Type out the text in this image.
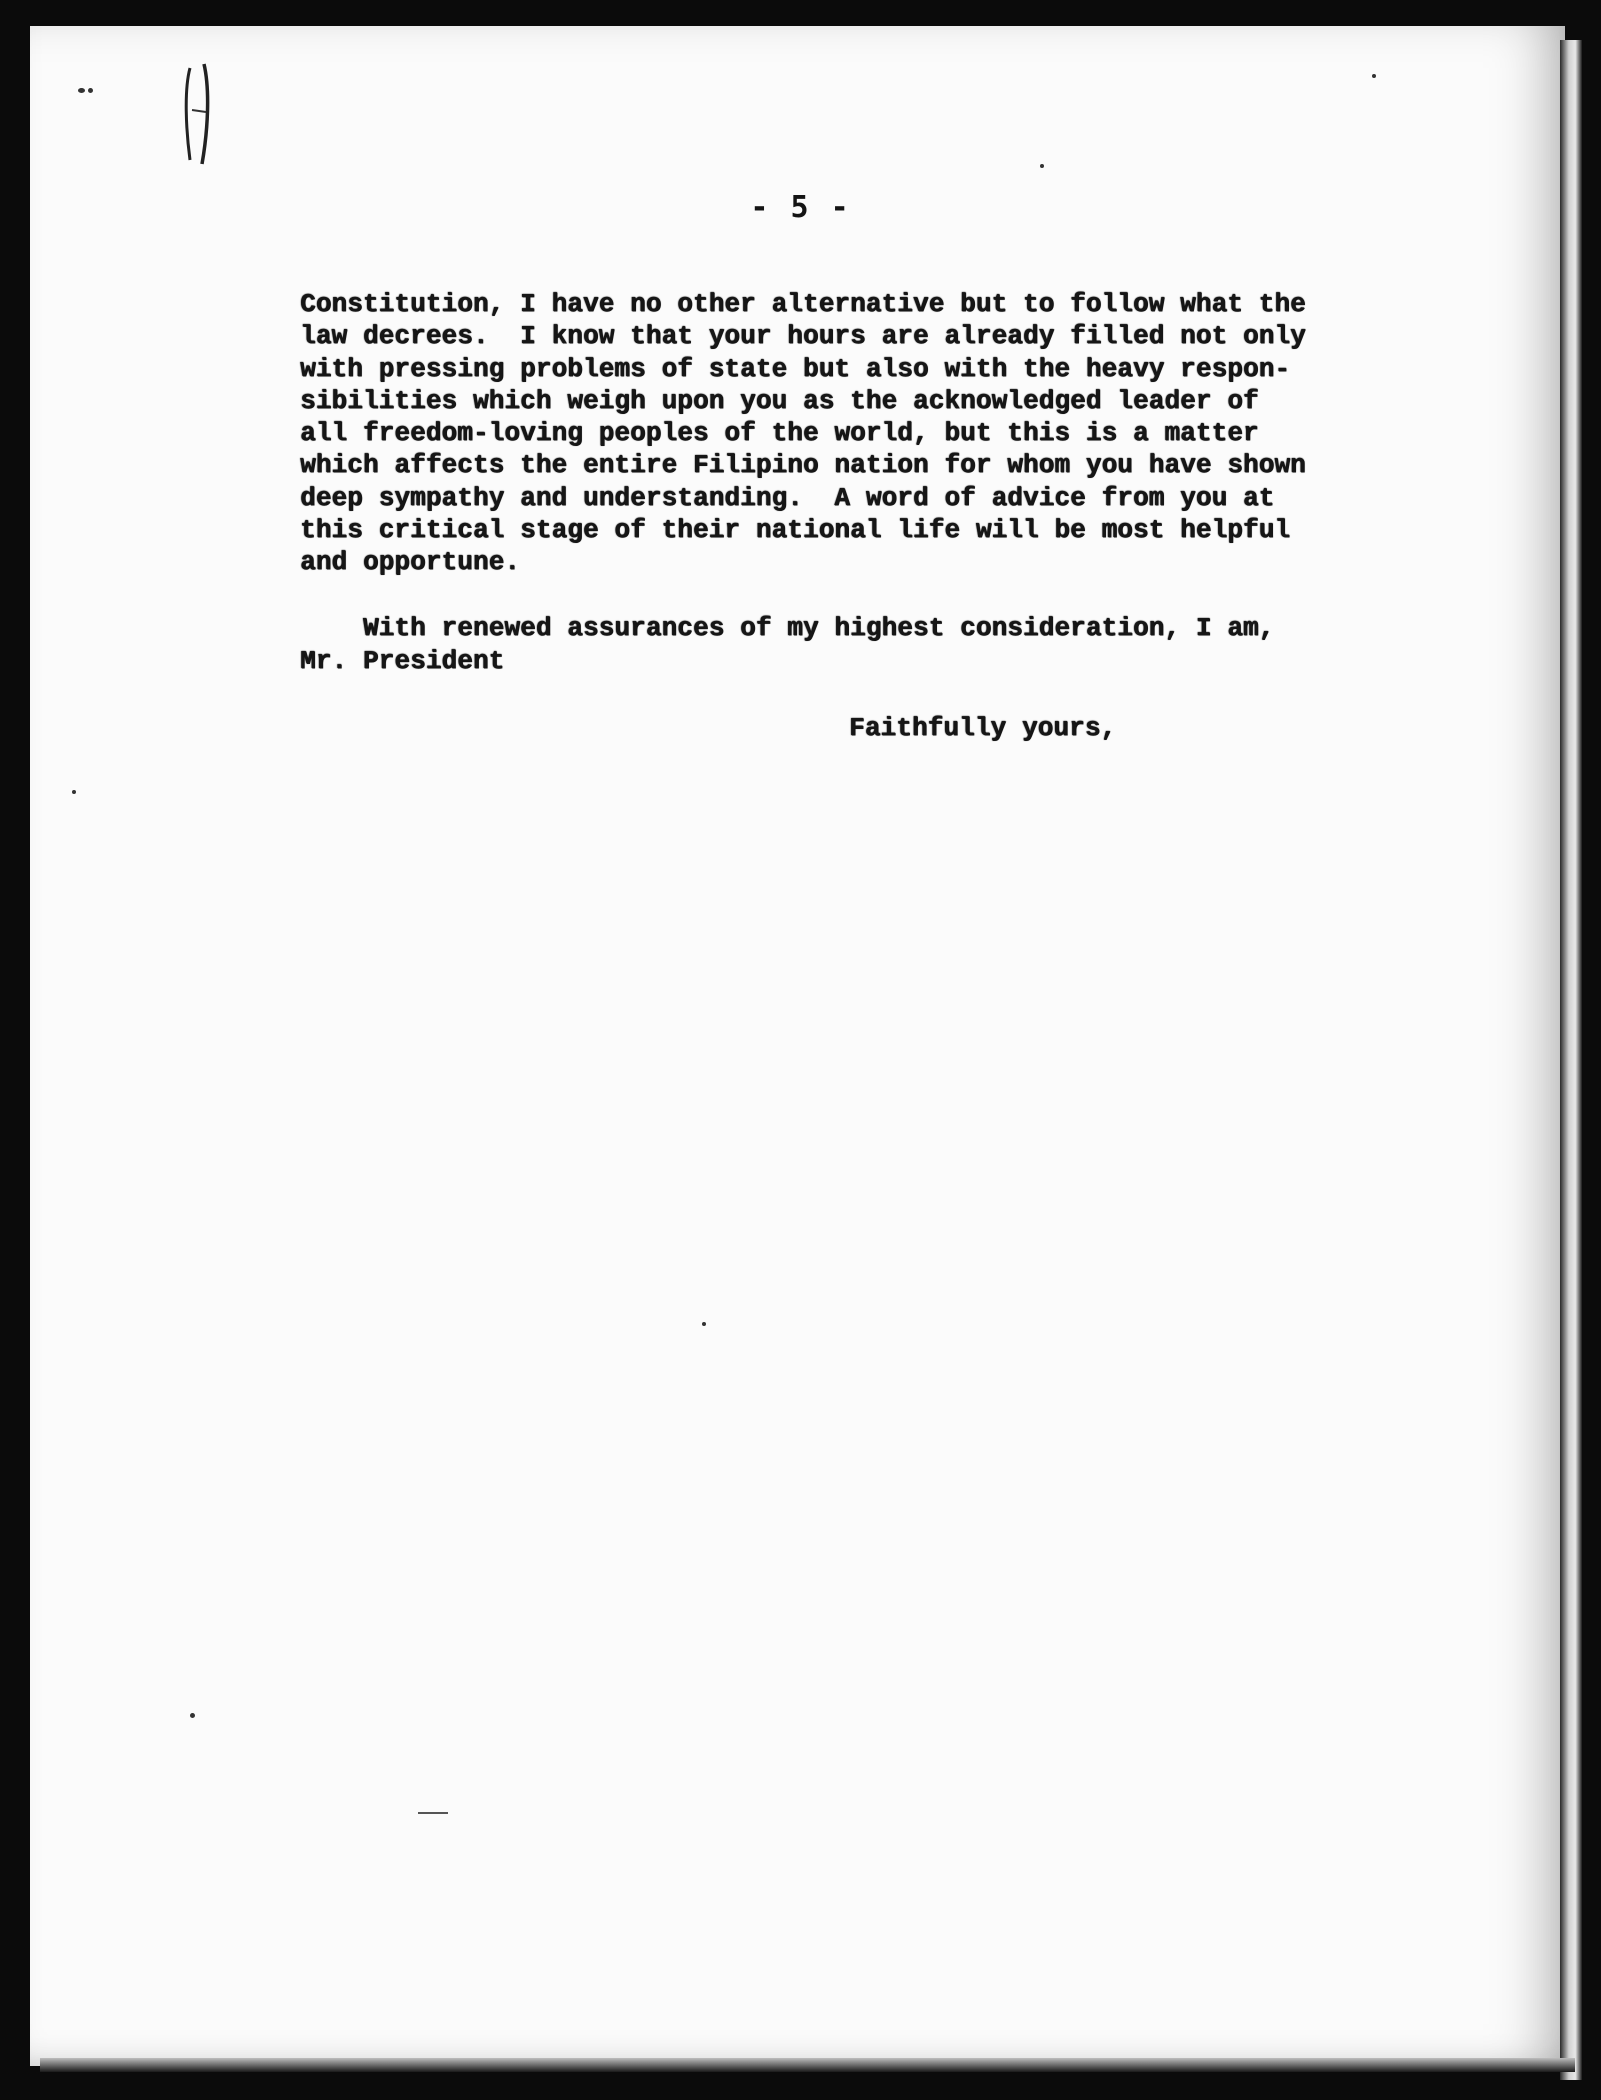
- 5 -
Constitution, I have no other alternative but to follow what the
law decrees.  I know that your hours are already filled not only
with pressing problems of state but also with the heavy respon-
sibilities which weigh upon you as the acknowledged leader of
all freedom-loving peoples of the world, but this is a matter
which affects the entire Filipino nation for whom you have shown
deep sympathy and understanding.  A word of advice from you at
this critical stage of their national life will be most helpful
and opportune.
With renewed assurances of my highest consideration, I am,
Mr. President
Faithfully yours,
